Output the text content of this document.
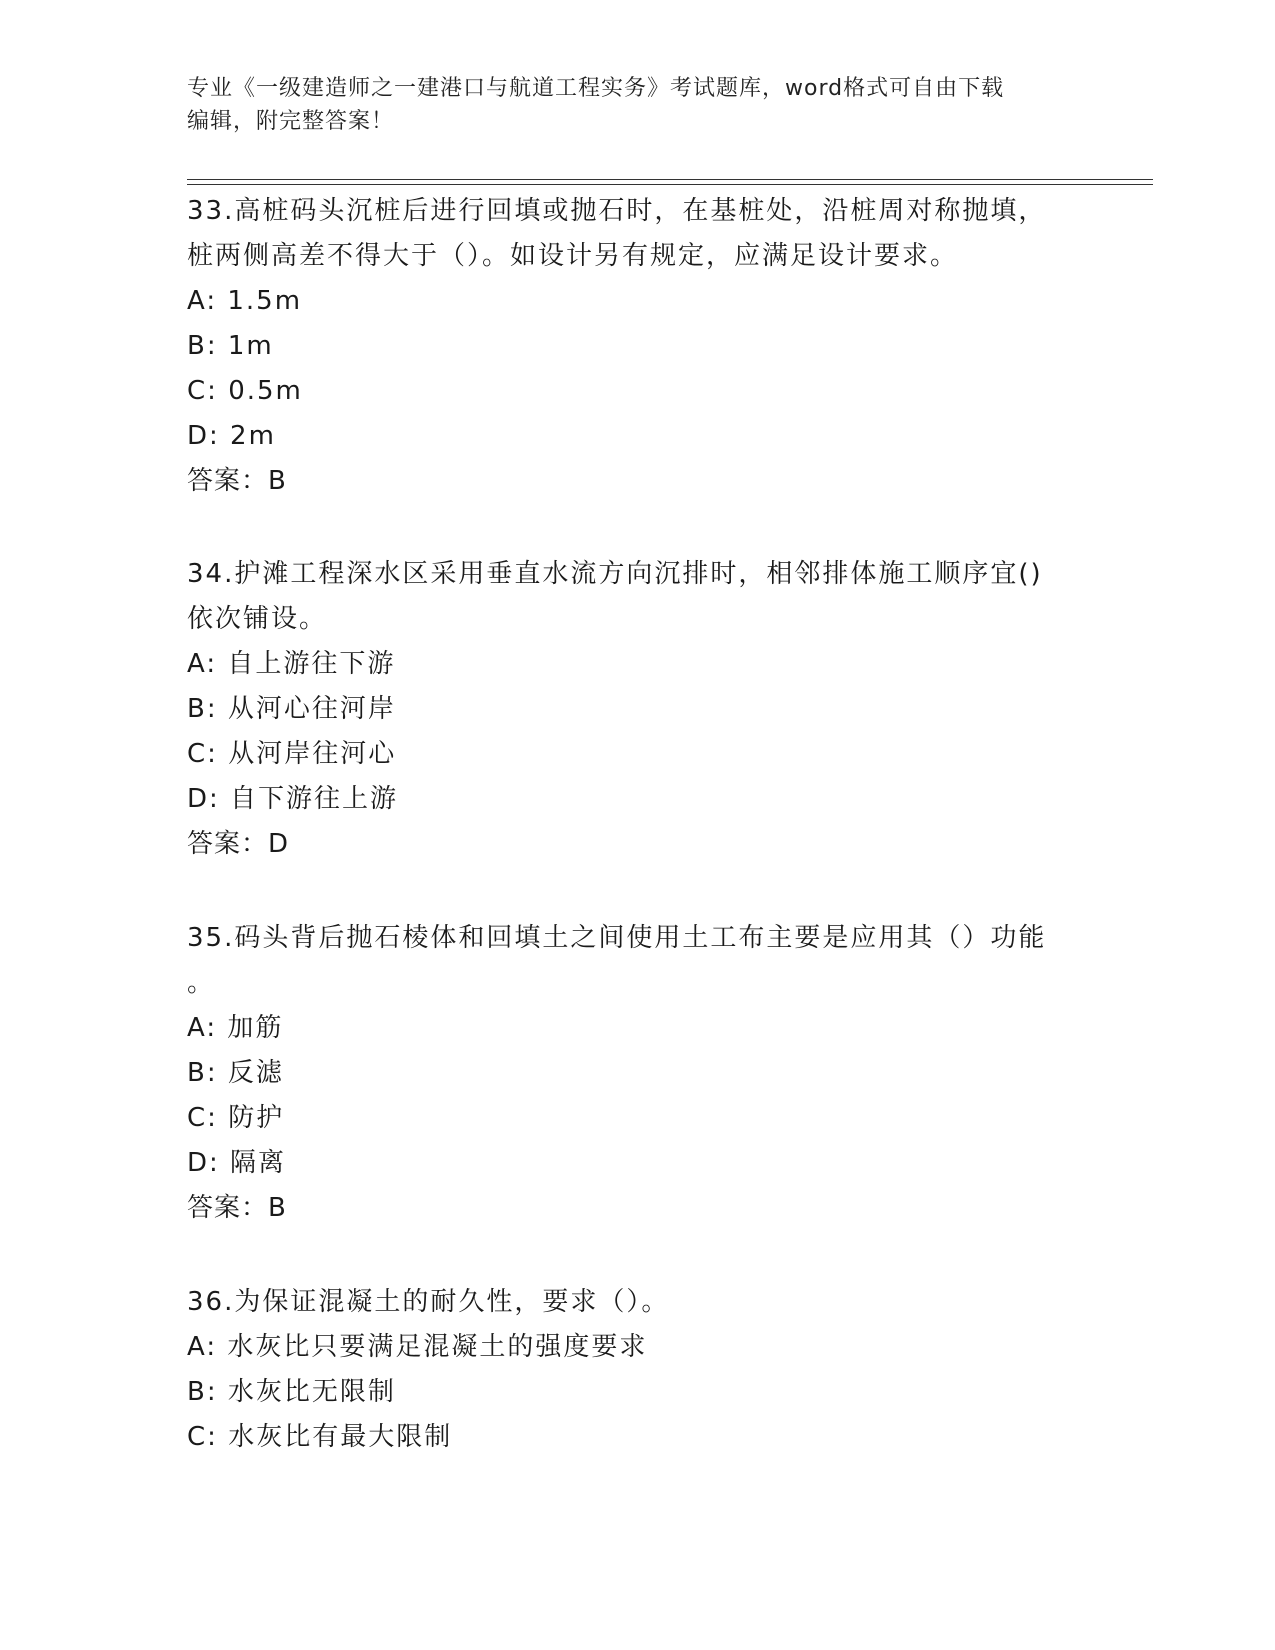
专业《一级建造师之一建港口与航道工程实务》考试题库，word格式可自由下载
编辑，附完整答案！

33.高桩码头沉桩后进行回填或抛石时，在基桩处，沿桩周对称抛填，

桩两侧高差不得大于（）。如设计另有规定，应满足设计要求。

A: 1.5m

B: 1m

C: 0.5m

D: 2m

答案：B

34.护滩工程深水区采用垂直水流方向沉排时，相邻排体施工顺序宜()

依次铺设。

A: 自上游往下游

B: 从河心往河岸

C: 从河岸往河心

D: 自下游往上游

答案：D

35.码头背后抛石棱体和回填土之间使用土工布主要是应用其（）功能

。

A: 加筋

B: 反滤

C: 防护

D: 隔离

答案：B

36.为保证混凝土的耐久性，要求（）。

A: 水灰比只要满足混凝土的强度要求

B: 水灰比无限制

C: 水灰比有最大限制
